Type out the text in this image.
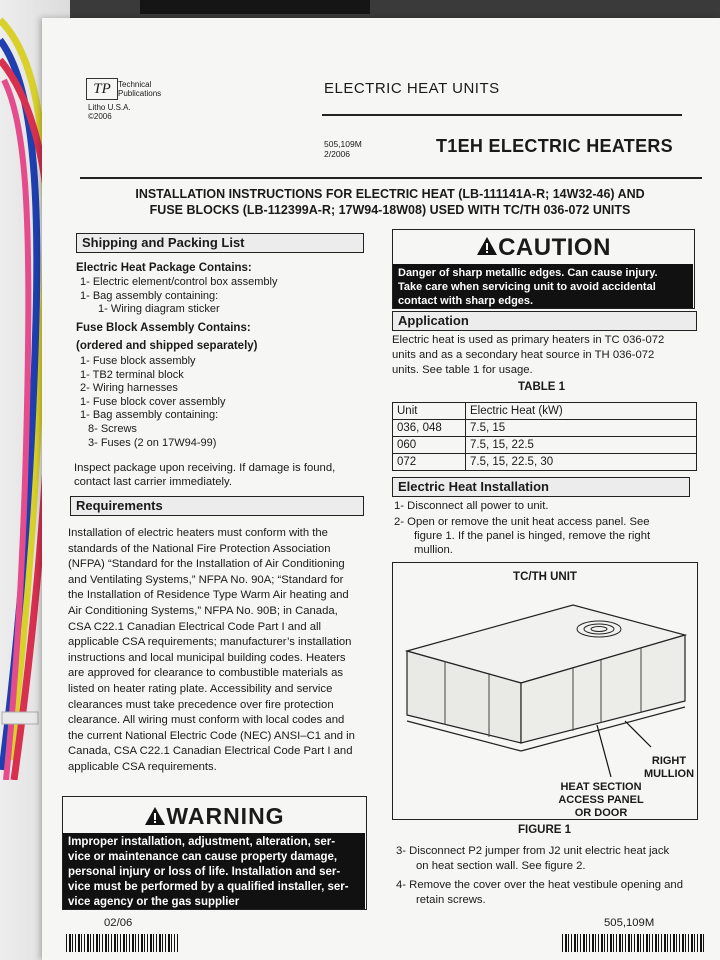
TP Technical
Publications
Litho U.S.A.
©2006
ELECTRIC HEAT UNITS
505,109M
2/2006	T1EH ELECTRIC HEATERS
INSTALLATION INSTRUCTIONS FOR ELECTRIC HEAT (LB-111141A-R; 14W32-46) AND
FUSE BLOCKS (LB-112399A-R; 17W94-18W08) USED WITH TC/TH 036-072 UNITS
Shipping and Packing List
Electric Heat Package Contains:
1- Electric element/control box assembly
1- Bag assembly containing:
1- Wiring diagram sticker
Fuse Block Assembly Contains:
(ordered and shipped separately)
1- Fuse block assembly
1- TB2 terminal block
2- Wiring harnesses
1- Fuse block cover assembly
1- Bag assembly containing:
8- Screws
3- Fuses (2 on 17W94-99)
Inspect package upon receiving. If damage is found,
contact last carrier immediately.
Requirements
Installation of electric heaters must conform with the
standards of the National Fire Protection Association
(NFPA) “Standard for the Installation of Air Conditioning
and Ventilating Systems,” NFPA No. 90A; “Standard for
the Installation of Residence Type Warm Air heating and
Air Conditioning Systems,” NFPA No. 90B; in Canada,
CSA C22.1 Canadian Electrical Code Part I and all
applicable CSA requirements; manufacturer’s installation
instructions and local municipal building codes. Heaters
are approved for clearance to combustible materials as
listed on heater rating plate. Accessibility and service
clearances must take precedence over fire protection
clearance. All wiring must conform with local codes and
the current National Electric Code (NEC) ANSI–C1 and in
Canada, CSA C22.1 Canadian Electrical Code Part I and
applicable CSA requirements.
WARNING
Improper installation, adjustment, alteration, ser-
vice or maintenance can cause property damage,
personal injury or loss of life. Installation and ser-
vice must be performed by a qualified installer, ser-
vice agency or the gas supplier
CAUTION
Danger of sharp metallic edges. Can cause injury.
Take care when servicing unit to avoid accidental
contact with sharp edges.
Application
Electric heat is used as primary heaters in TC 036-072
units and as a secondary heat source in TH 036-072
units. See table 1 for usage.
TABLE 1
Unit	Electric Heat (kW)
036, 048	7.5, 15
060	7.5, 15, 22.5
072	7.5, 15, 22.5, 30
Electric Heat Installation
1- Disconnect all power to unit.
2- Open or remove the unit heat access panel. See
figure 1. If the panel is hinged, remove the right
mullion.
TC/TH UNIT
RIGHT
MULLION
HEAT SECTION
ACCESS PANEL
OR DOOR
FIGURE 1
3- Disconnect P2 jumper from J2 unit electric heat jack
on heat section wall. See figure 2.
4- Remove the cover over the heat vestibule opening and
retain screws.
02/06	505,109M
